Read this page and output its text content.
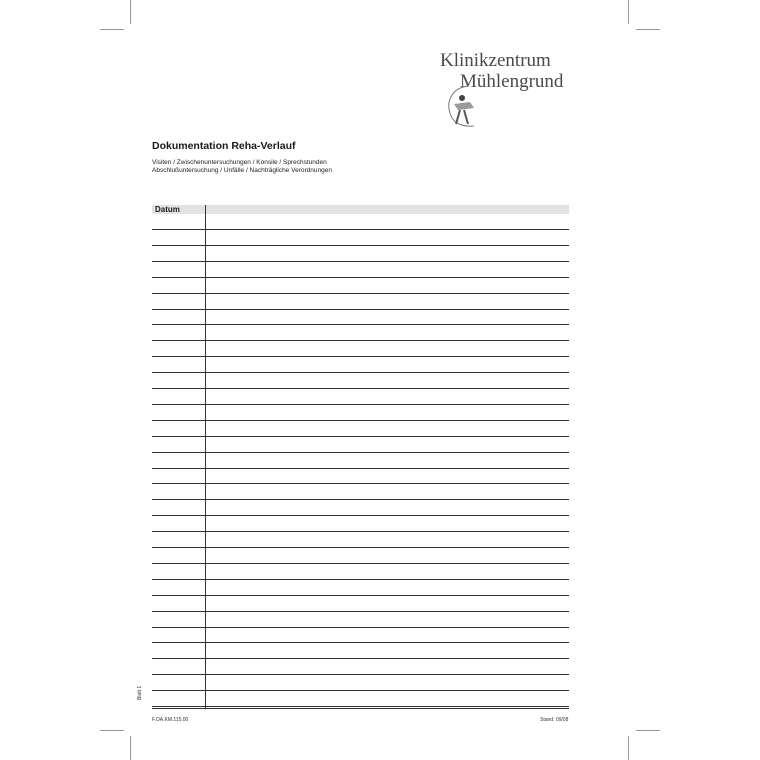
Klinikzentrum
Mühlengrund
Dokumentation Reha-Verlauf
Visiten / Zwischenuntersuchungen / Konsile / Sprechstunden
Abschlußuntersuchung / Unfälle / Nachträgliche Verordnungen
Datum
F.OA.KM.115.00	Stand: 09/08
Blatt 1
